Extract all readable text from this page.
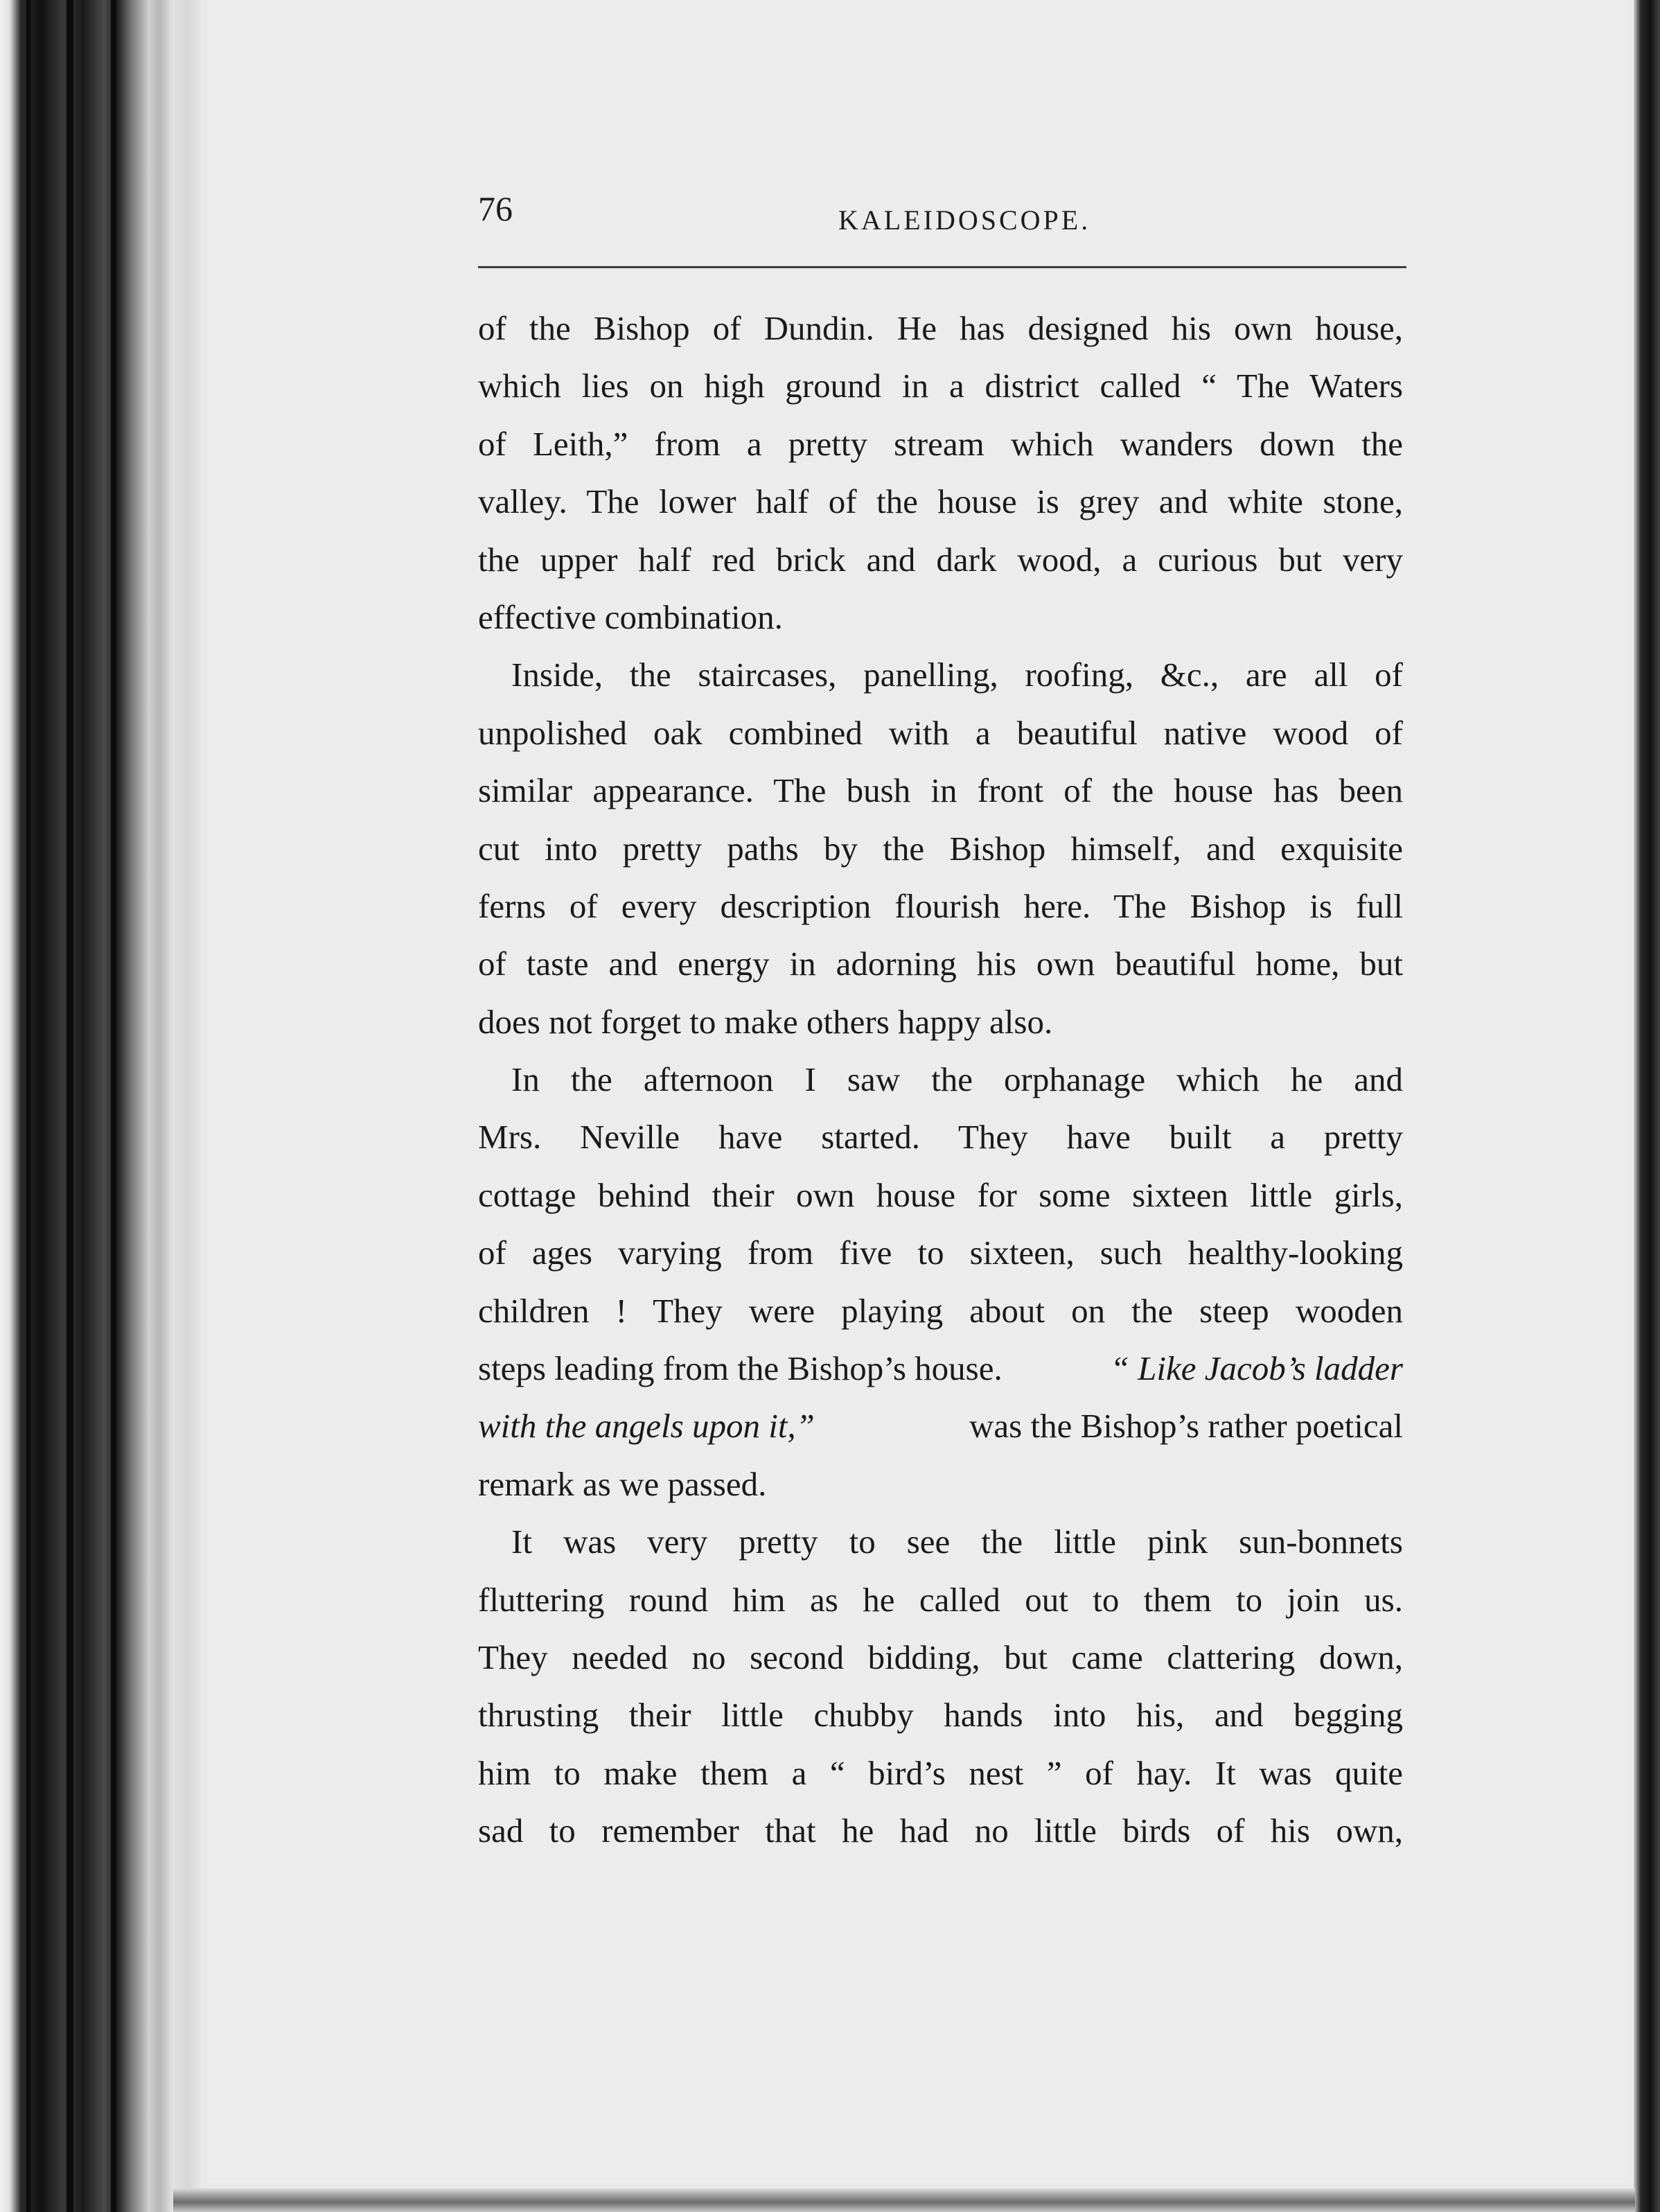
76	KALEIDOSCOPE.
of the Bishop of Dundin. He has designed his own house,
which lies on high ground in a district called “ The Waters
of Leith,” from a pretty stream which wanders down the
valley. The lower half of the house is grey and white stone,
the upper half red brick and dark wood, a curious but very
effective combination.
Inside, the staircases, panelling, roofing, &c., are all of
unpolished oak combined with a beautiful native wood of
similar appearance. The bush in front of the house has been
cut into pretty paths by the Bishop himself, and exquisite
ferns of every description flourish here. The Bishop is full
of taste and energy in adorning his own beautiful home, but
does not forget to make others happy also.
In the afternoon I saw the orphanage which he and
Mrs. Neville have started. They have built a pretty
cottage behind their own house for some sixteen little girls,
of ages varying from five to sixteen, such healthy-looking
children ! They were playing about on the steep wooden
steps leading from the Bishop’s house.	“ Like Jacob’s ladder
with the angels upon it,”	was the Bishop’s rather poetical
remark as we passed.
It was very pretty to see the little pink sun-bonnets
fluttering round him as he called out to them to join us.
They needed no second bidding, but came clattering down,
thrusting their little chubby hands into his, and begging
him to make them a “ bird’s nest ” of hay. It was quite
sad to remember that he had no little birds of his own,
